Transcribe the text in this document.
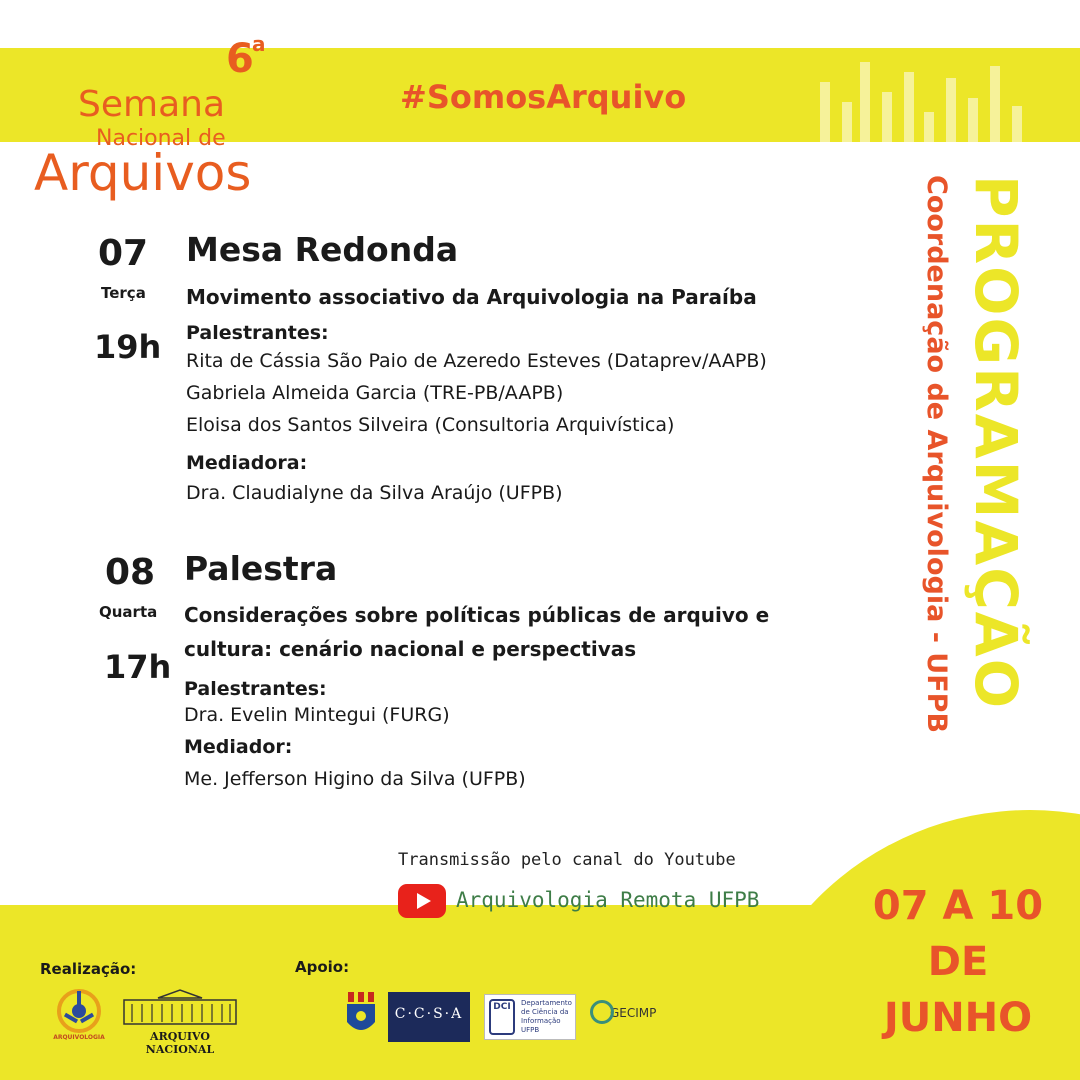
6
a
Semana
Nacional de
Arquivos
#SomosArquivo
PROGRAMAÇÃO
Coordenação de Arquivologia - UFPB
07
Terça
19h
Mesa Redonda
Movimento associativo da Arquivologia na Paraíba
Palestrantes:
Rita de Cássia São Paio de Azeredo Esteves (Dataprev/AAPB)
Gabriela Almeida Garcia (TRE-PB/AAPB)
Eloisa dos Santos Silveira (Consultoria Arquivística)
Mediadora:
Dra. Claudialyne da Silva Araújo (UFPB)
08
Quarta
17h
Palestra
Considerações sobre políticas públicas de arquivo e
cultura: cenário nacional e perspectivas
Palestrantes:
Dra. Evelin Mintegui (FURG)
Mediador:
Me. Jefferson Higino da Silva (UFPB)
Transmissão pelo canal do Youtube
Arquivologia Remota UFPB	07 A 10
DE
JUNHO
Realização:	Apoio:
ARQUIVOLOGIA	ARQUIVO NACIONAL
C·C·S·A	DCI	Departamento de Ciência da Informação UFPB
GECIMP
